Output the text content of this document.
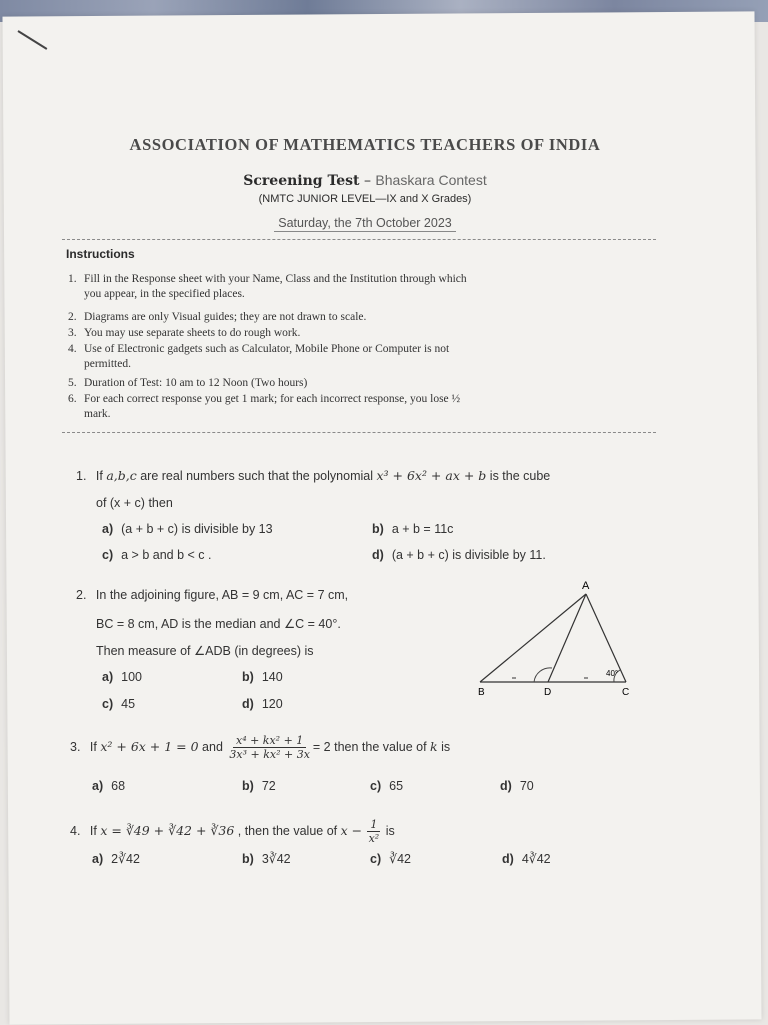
ASSOCIATION OF MATHEMATICS TEACHERS OF INDIA
Screening Test – Bhaskara Contest
(NMTC JUNIOR LEVEL—IX and X Grades)
Saturday, the 7th October 2023
Instructions
1. Fill in the Response sheet with your Name, Class and the Institution through which
you appear, in the specified places.
2. Diagrams are only Visual guides; they are not drawn to scale.
3. You may use separate sheets to do rough work.
4. Use of Electronic gadgets such as Calculator, Mobile Phone or Computer is not
permitted.
5. Duration of Test: 10 am to 12 Noon (Two hours)
6. For each correct response you get 1 mark; for each incorrect response, you lose ½
mark.
1. If a,b,c are real numbers such that the polynomial x³ + 6x² + ax + b is the cube
of (x + c) then
a) (a + b + c) is divisible by 13	b) a + b = 11c
c) a > b and b < c .	d) (a + b + c) is divisible by 11.
2. In the adjoining figure, AB = 9 cm, AC = 7 cm,
BC = 8 cm, AD is the median and ∠C = 40°.
Then measure of ∠ADB (in degrees) is
a) 100	b) 140
c) 45	d) 120
A
B	D	C
40°
3. If x² + 6x + 1 = 0 and $\frac{\text{x⁴ + kx² + 1}}{\text{3x³ + kx² + 3x}} = 2$ then the value of k is
a) 68	b) 72	c) 65	d) 70
4. If x = ∛49 + ∛42 + ∛36 , then the value of $x - \frac{1}{\text{x²}}$ is
a) 2∛42	b) 3∛42	c) ∛42	d) 4∛42
